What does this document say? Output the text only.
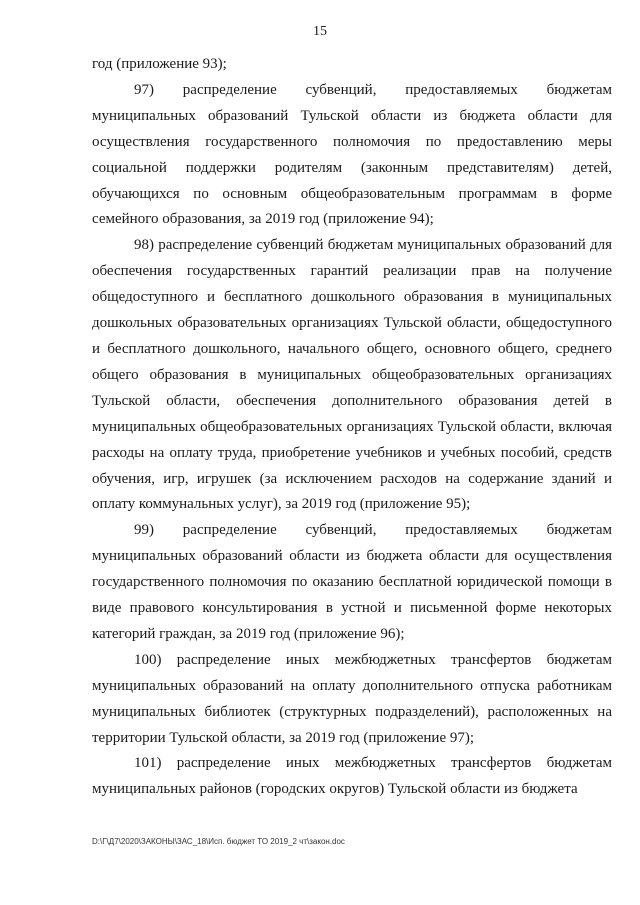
15

год (приложение 93);

97) распределение субвенций, предоставляемых бюджетам муниципальных образований Тульской области из бюджета области для осуществления государственного полномочия по предоставлению меры социальной поддержки родителям (законным представителям) детей, обучающихся по основным общеобразовательным программам в форме семейного образования, за 2019 год (приложение 94);

98) распределение субвенций бюджетам муниципальных образований для обеспечения государственных гарантий реализации прав на получение общедоступного и бесплатного дошкольного образования в муниципальных дошкольных образовательных организациях Тульской области, общедоступного и бесплатного дошкольного, начального общего, основного общего, среднего общего образования в муниципальных общеобразовательных организациях Тульской области, обеспечения дополнительного образования детей в муниципальных общеобразовательных организациях Тульской области, включая расходы на оплату труда, приобретение учебников и учебных пособий, средств обучения, игр, игрушек (за исключением расходов на содержание зданий и оплату коммунальных услуг), за 2019 год (приложение 95);

99) распределение субвенций, предоставляемых бюджетам муниципальных образований области из бюджета области для осуществления государственного полномочия по оказанию бесплатной юридической помощи в виде правового консультирования в устной и письменной форме некоторых категорий граждан, за 2019 год (приложение 96);

100) распределение иных межбюджетных трансфертов бюджетам муниципальных образований на оплату дополнительного отпуска работникам муниципальных библиотек (структурных подразделений), расположенных на территории Тульской области, за 2019 год (приложение 97);

101) распределение иных межбюджетных трансфертов бюджетам муниципальных районов (городских округов) Тульской области из бюджета

D:\Г\Д7\2020\ЗАКОНЫ\ЗАС_18\Исп. бюджет ТО 2019_2 чт\закон.doc
